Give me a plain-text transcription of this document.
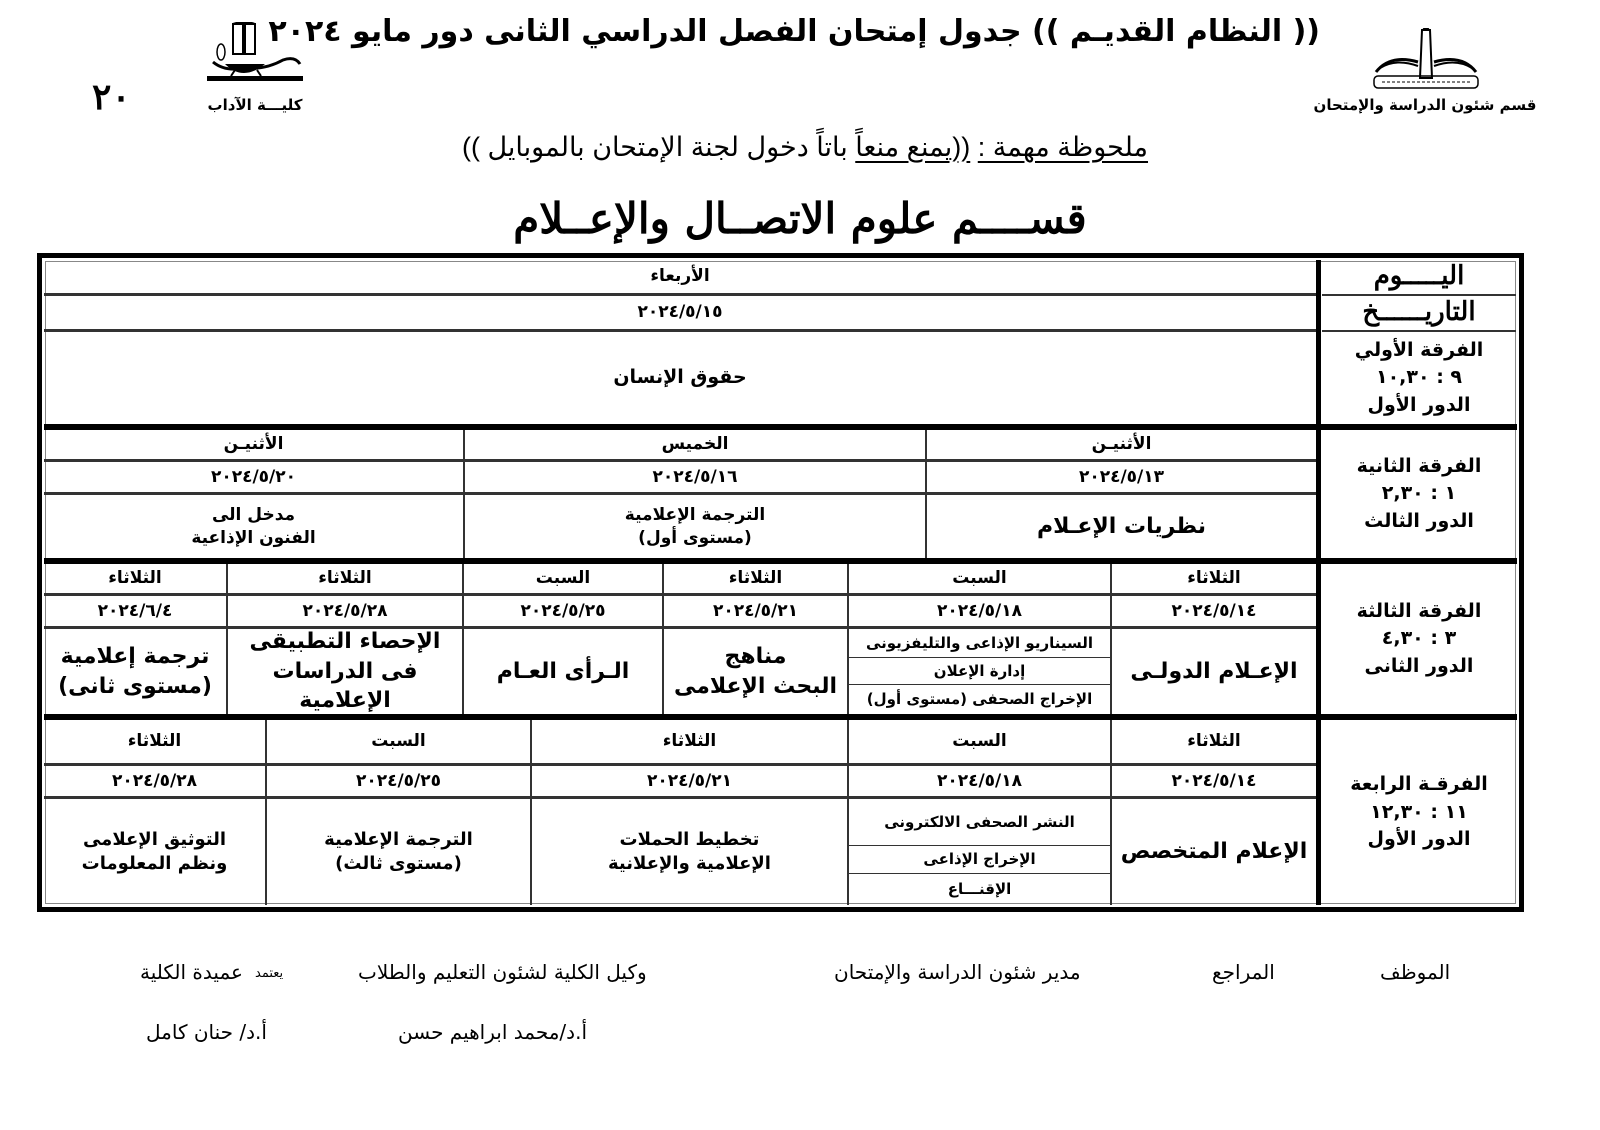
(( النظام القديـم )) جدول إمتحان الفصل الدراسي الثانى دور مايو ٢٠٢٤
٢٠	كليـــة الآداب	قسم شئون الدراسة والإمتحان
ملحوظة مهمة : ((يمنع منعاً باتاً دخول لجنة الإمتحان بالموبايل ))
قســــم علوم الاتصــال والإعــلام
اليـــــوم
التاريــــــخ
الفرقة الأولي
٩ : ١٠,٣٠
الدور الأول
الأربعاء
٢٠٢٤/٥/١٥
حقوق الإنسان
الفرقة الثانية
١ : ٢,٣٠
الدور الثالث
الأثنيـن
٢٠٢٤/٥/١٣
نظريات الإعـلام
الخميس
٢٠٢٤/٥/١٦
الترجمة الإعلامية
(مستوى أول)
الأثنيـن
٢٠٢٤/٥/٢٠
مدخل الى
الفنون الإذاعية
الفرقة الثالثة
٣ : ٤,٣٠
الدور الثانى
الثلاثاء
٢٠٢٤/٥/١٤
الإعـلام الدولـى
السبت
٢٠٢٤/٥/١٨
السيناريو الإذاعى والتليفزيونى
إدارة الإعلان
الإخراج الصحفى (مستوى أول)
الثلاثاء
٢٠٢٤/٥/٢١
مناهج
البحث الإعلامى
السبت
٢٠٢٤/٥/٢٥
الـرأى العـام
الثلاثاء
٢٠٢٤/٥/٢٨
الإحصاء التطبيقى
فى الدراسات الإعلامية
الثلاثاء
٢٠٢٤/٦/٤
ترجمة إعلامية
(مستوى ثانى)
الفرقـة الرابعة
١١ : ١٢,٣٠
الدور الأول
الثلاثاء
٢٠٢٤/٥/١٤
الإعلام المتخصص
السبت
٢٠٢٤/٥/١٨
النشر الصحفى الالكترونى
الإخراج الإذاعى
الإقنـــاع
الثلاثاء
٢٠٢٤/٥/٢١
تخطيط الحملات
الإعلامية والإعلانية
السبت
٢٠٢٤/٥/٢٥
الترجمة الإعلامية
(مستوى ثالث)
الثلاثاء
٢٠٢٤/٥/٢٨
التوثيق الإعلامى
ونظم المعلومات
الموظف
المراجع
مدير شئون الدراسة والإمتحان
وكيل الكلية لشئون التعليم والطلاب
يعتمد
عميدة الكلية
أ.د/محمد ابراهيم حسن
أ.د/ حنان كامل
